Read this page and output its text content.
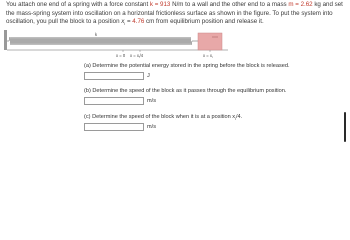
You attach one end of a spring with a force constant k = 913 N/m to a wall and the other end to a mass m = 2.62 kg and set the mass-spring system into oscillation on a horizontal frictionless surface as shown in the figure. To put the system into oscillation, you pull the block to a position $x_i = 4.76$ cm from equilibrium position and release it.
k
x = 0 x = xi/4	x = xi
(a) Determine the potential energy stored in the spring before the block is released.
J
(b) Determine the speed of the block as it passes through the equilibrium position.
m/s
(c) Determine the speed of the block when it is at a position $x_i/4$.
m/s
